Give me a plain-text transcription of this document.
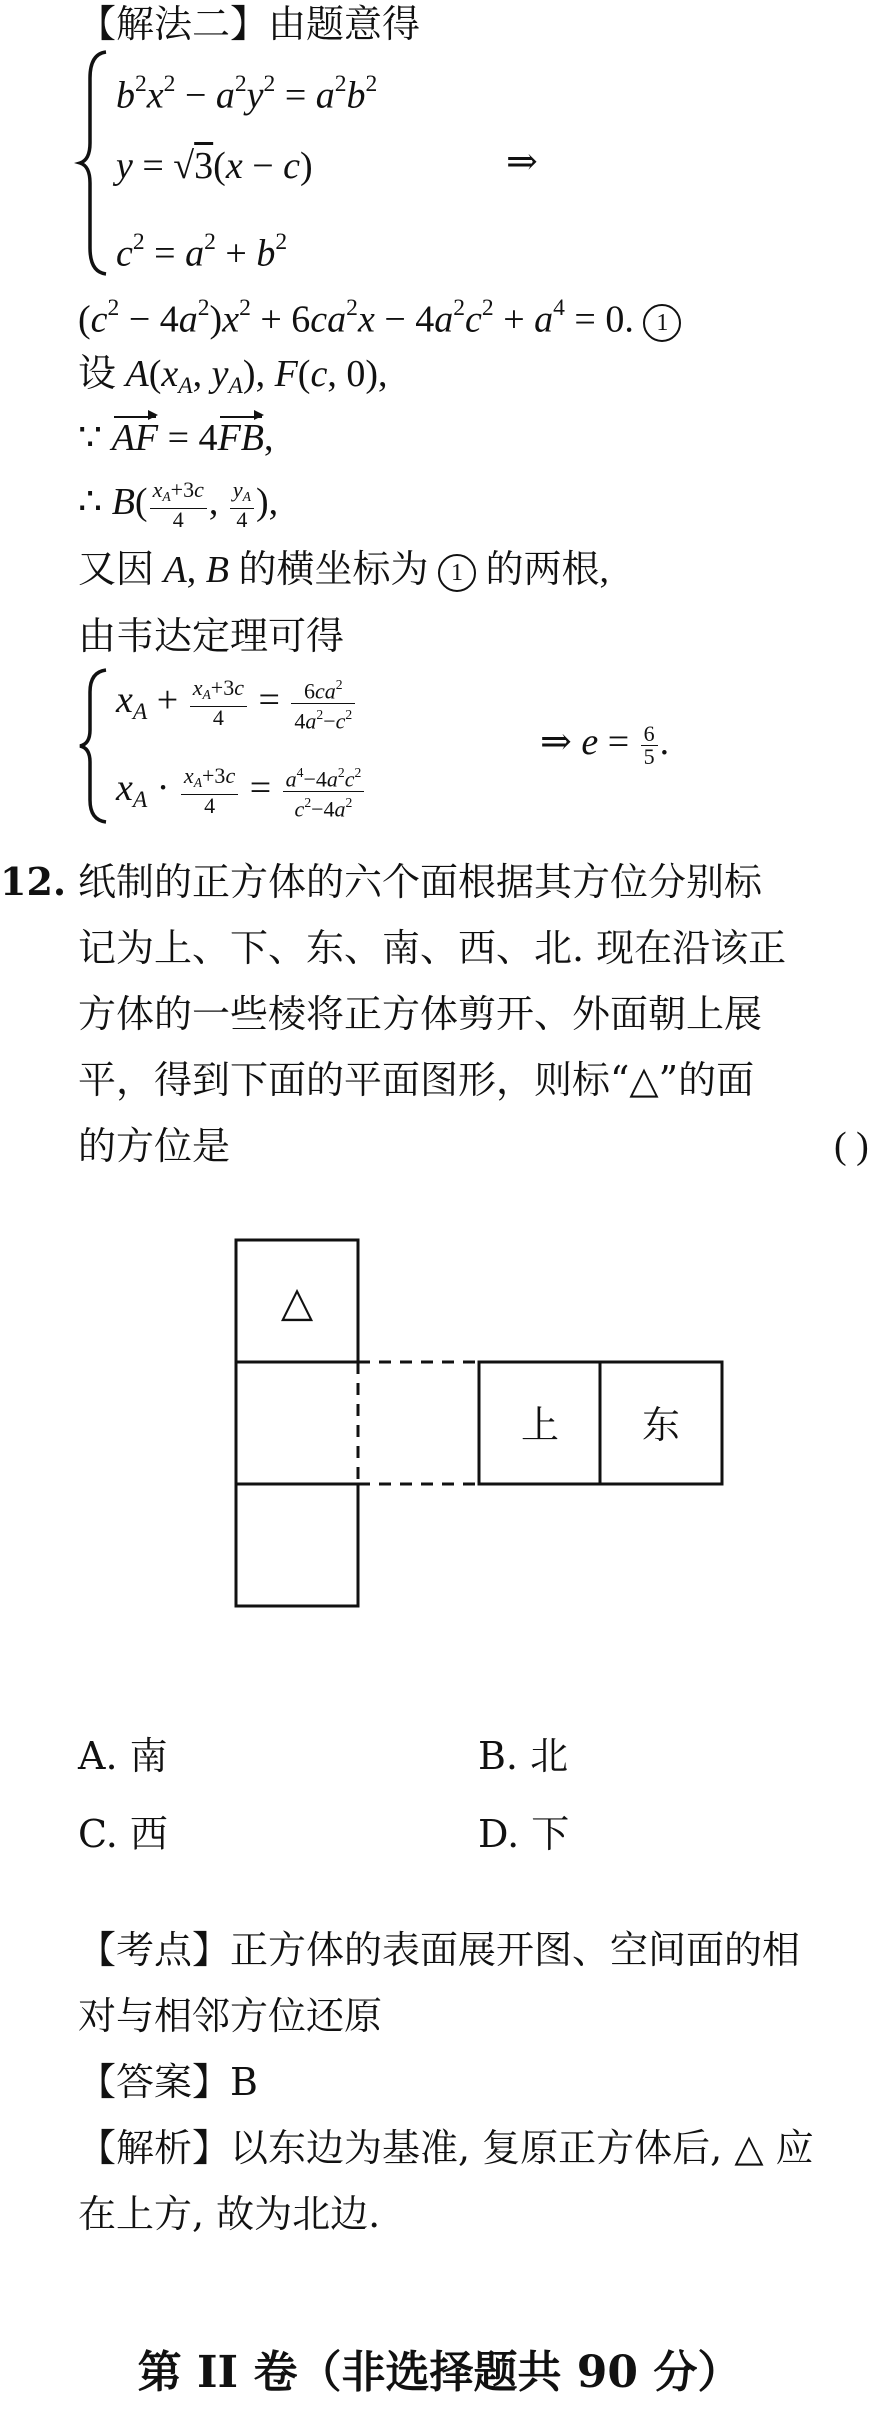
【解法二】由题意得
$b^2x^2 - a^2y^2 = a^2b^2$
y = √3(x − c)
$c^2 = a^2 + b^2$
⇒
$(c^2 - 4a^2)x^2 + 6ca^2x - 4a^2c^2 + a^4 = 0$. 1
设 $A(x_A$, $y_A$), F(c, 0),
∵ AF = 4FB,
∴ $B( \frac{x_A+3c}{4}$ , $\frac{y_A}{4}$ ),
又因 A, B 的横坐标为 1 的两根,
由韦达定理可得
$x_A + \frac{x_A+3c}{4} = \frac{6ca^2}{4a^2-c^2}$
$x_A \cdot \frac{x_A+3c}{4} = \frac{a^4-4a^2c^2}{c^2-4a^2}$
⇒ $e = \frac{6}{5}$ .
12. 纸制的正方体的六个面根据其方位分别标
记为上、下、东、南、西、北. 现在沿该正
方体的一些棱将正方体剪开、外面朝上展
平，得到下面的平面图形，则标“△”的面
的方位是	( )
△
上 东
A. 南	B. 北
C. 西	D. 下
【考点】正方体的表面展开图、空间面的相
对与相邻方位还原
【答案】B
【解析】以东边为基准, 复原正方体后, △ 应
在上方, 故为北边.
第 II 卷（非选择题共 90 分）
